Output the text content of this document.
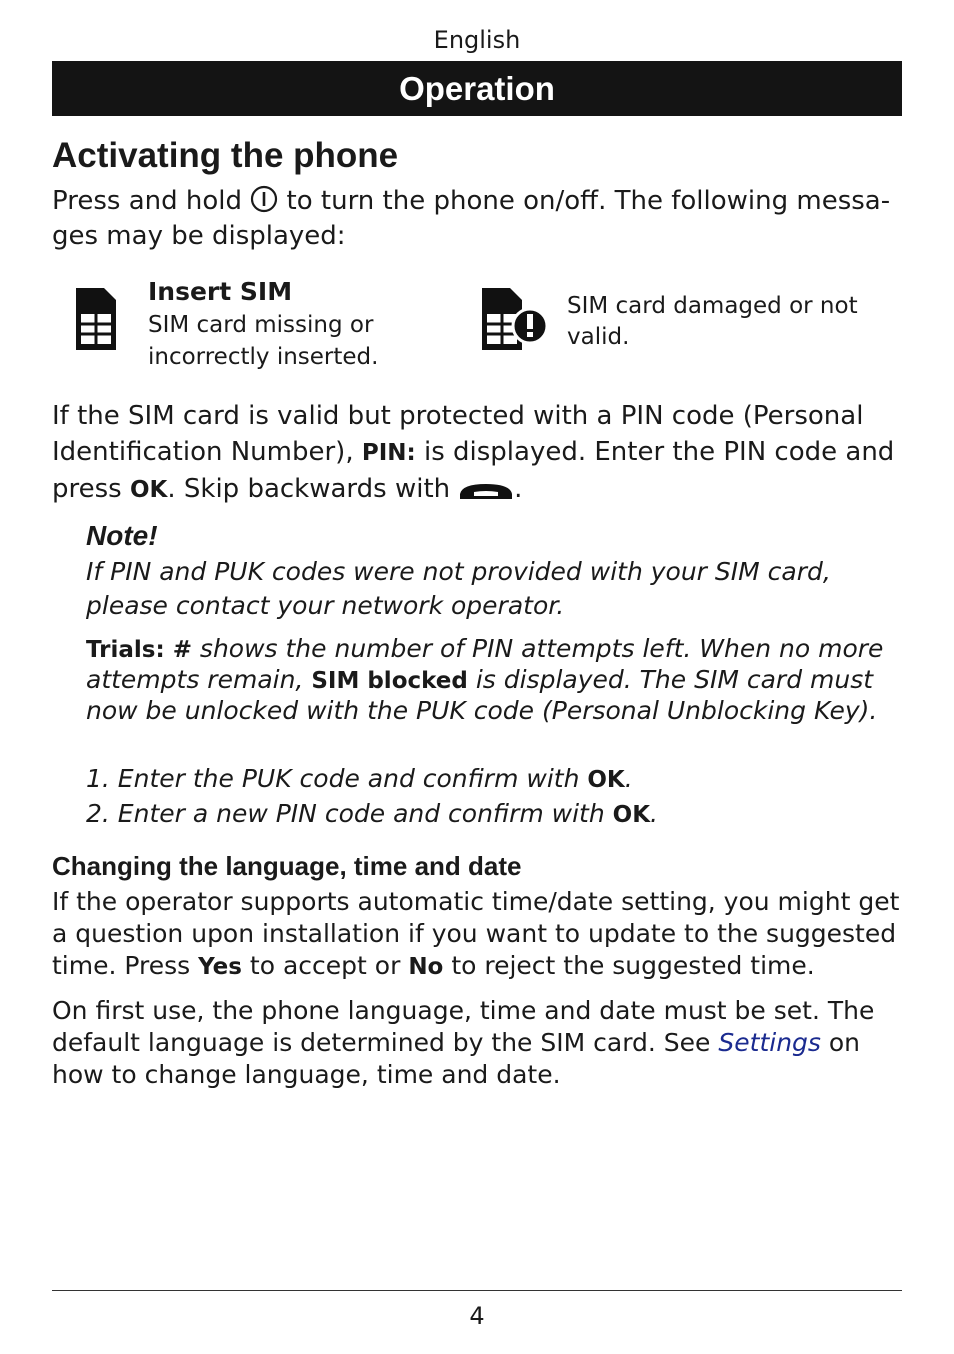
English
Operation
Activating the phone
Press and hold to turn the phone on/off. The following messa-ges may be displayed:
Insert SIM
SIM card missing or incorrectly inserted.
SIM card damaged or not valid.
If the SIM card is valid but protected with a PIN code (Personal Identification Number), PIN: is displayed. Enter the PIN code and press OK. Skip backwards with .
Note!
If PIN and PUK codes were not provided with your SIM card, please contact your network operator.
Trials: # shows the number of PIN attempts left. When no more attempts remain, SIM blocked is displayed. The SIM card must now be unlocked with the PUK code (Personal Unblocking Key).
1. Enter the PUK code and confirm with OK.
2. Enter a new PIN code and confirm with OK.
Changing the language, time and date
If the operator supports automatic time/date setting, you might get a question upon installation if you want to update to the suggested time. Press Yes to accept or No to reject the suggested time.
On first use, the phone language, time and date must be set. The default language is determined by the SIM card. See Settings on how to change language, time and date.
4
